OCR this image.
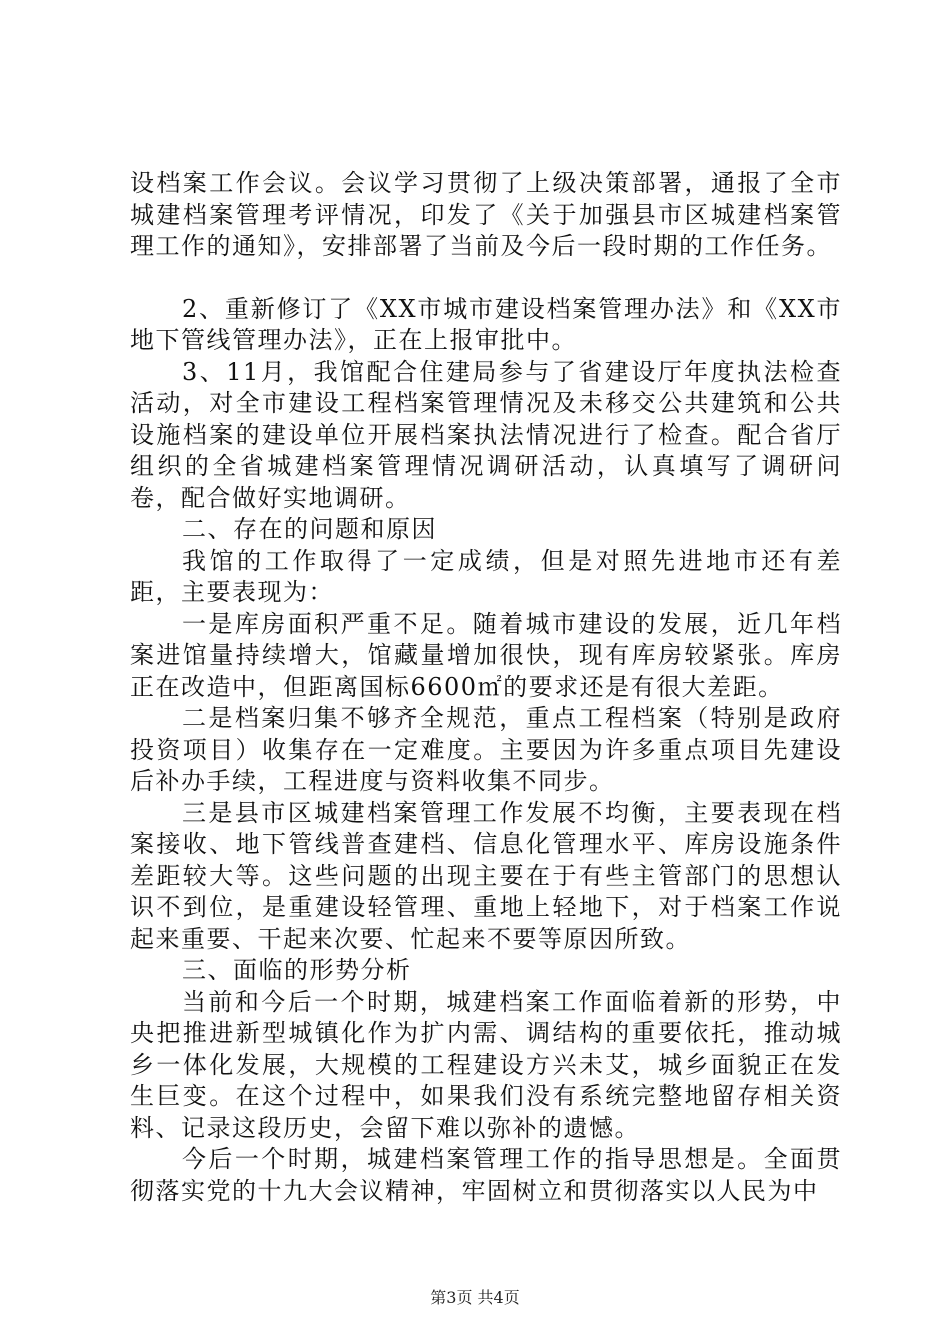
设档案工作会议。会议学习贯彻了上级决策部署，通报了全市城建档案管理考评情况，印发了《关于加强县市区城建档案管理工作的通知》，安排部署了当前及今后一段时期的工作任务。

2、重新修订了《XX市城市建设档案管理办法》和《XX市地下管线管理办法》，正在上报审批中。

3、11月，我馆配合住建局参与了省建设厅年度执法检查活动，对全市建设工程档案管理情况及未移交公共建筑和公共设施档案的建设单位开展档案执法情况进行了检查。配合省厅组织的全省城建档案管理情况调研活动，认真填写了调研问卷，配合做好实地调研。

二、存在的问题和原因

我馆的工作取得了一定成绩，但是对照先进地市还有差距，主要表现为：

一是库房面积严重不足。随着城市建设的发展，近几年档案进馆量持续增大，馆藏量增加很快，现有库房较紧张。库房正在改造中，但距离国标6600㎡的要求还是有很大差距。

二是档案归集不够齐全规范，重点工程档案（特别是政府投资项目）收集存在一定难度。主要因为许多重点项目先建设后补办手续，工程进度与资料收集不同步。

三是县市区城建档案管理工作发展不均衡，主要表现在档案接收、地下管线普查建档、信息化管理水平、库房设施条件差距较大等。这些问题的出现主要在于有些主管部门的思想认识不到位，是重建设轻管理、重地上轻地下，对于档案工作说起来重要、干起来次要、忙起来不要等原因所致。

三、面临的形势分析

当前和今后一个时期，城建档案工作面临着新的形势，中央把推进新型城镇化作为扩内需、调结构的重要依托，推动城乡一体化发展，大规模的工程建设方兴未艾，城乡面貌正在发生巨变。在这个过程中，如果我们没有系统完整地留存相关资料、记录这段历史，会留下难以弥补的遗憾。

今后一个时期，城建档案管理工作的指导思想是。全面贯彻落实党的十九大会议精神，牢固树立和贯彻落实以人民为中

第3页 共4页
